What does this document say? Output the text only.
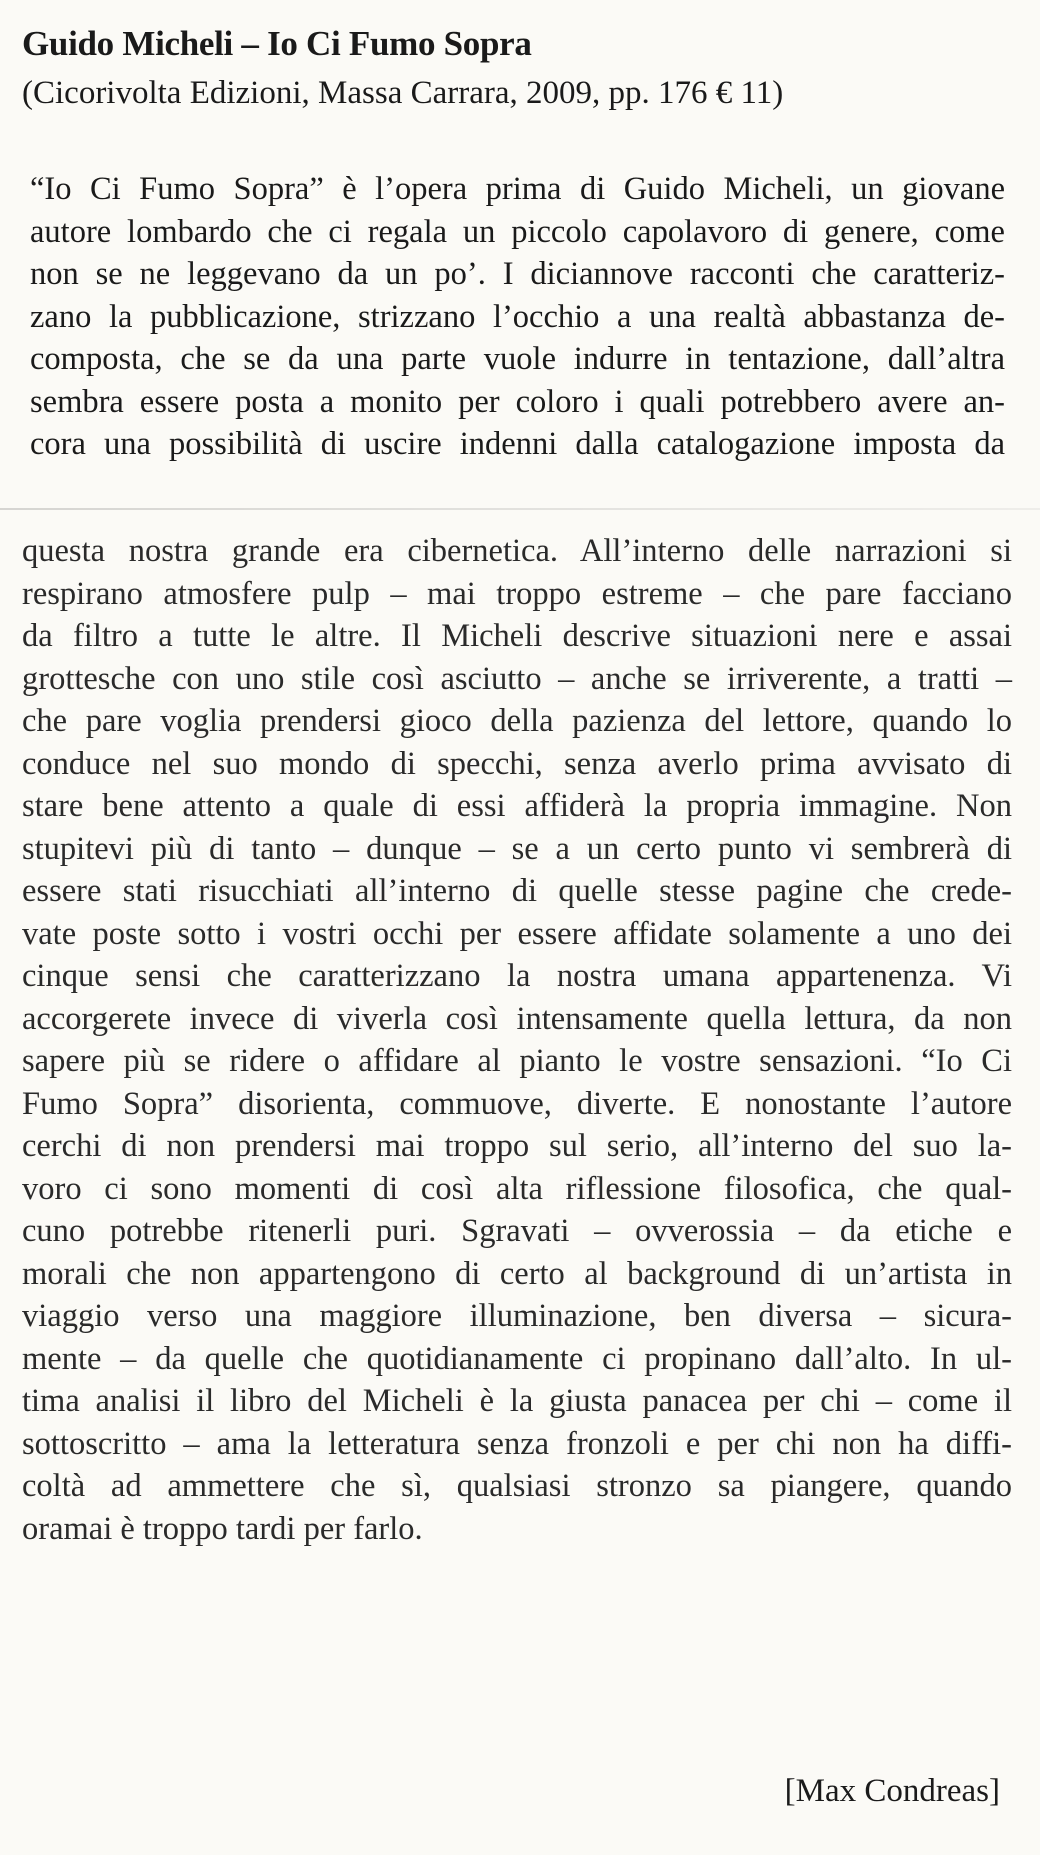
Guido Micheli – Io Ci Fumo Sopra
(Cicorivolta Edizioni, Massa Carrara, 2009, pp. 176 € 11)
“Io Ci Fumo Sopra” è l’opera prima di Guido Micheli, un giovane
autore lombardo che ci regala un piccolo capolavoro di genere, come
non se ne leggevano da un po’. I diciannove racconti che caratteriz-
zano la pubblicazione, strizzano l’occhio a una realtà abbastanza de-
composta, che se da una parte vuole indurre in tentazione, dall’altra
sembra essere posta a monito per coloro i quali potrebbero avere an-
cora una possibilità di uscire indenni dalla catalogazione imposta da
questa nostra grande era cibernetica. All’interno delle narrazioni si
respirano atmosfere pulp – mai troppo estreme – che pare facciano
da filtro a tutte le altre. Il Micheli descrive situazioni nere e assai
grottesche con uno stile così asciutto – anche se irriverente, a tratti –
che pare voglia prendersi gioco della pazienza del lettore, quando lo
conduce nel suo mondo di specchi, senza averlo prima avvisato di
stare bene attento a quale di essi affiderà la propria immagine. Non
stupitevi più di tanto – dunque – se a un certo punto vi sembrerà di
essere stati risucchiati all’interno di quelle stesse pagine che crede-
vate poste sotto i vostri occhi per essere affidate solamente a uno dei
cinque sensi che caratterizzano la nostra umana appartenenza. Vi
accorgerete invece di viverla così intensamente quella lettura, da non
sapere più se ridere o affidare al pianto le vostre sensazioni. “Io Ci
Fumo Sopra” disorienta, commuove, diverte. E nonostante l’autore
cerchi di non prendersi mai troppo sul serio, all’interno del suo la-
voro ci sono momenti di così alta riflessione filosofica, che qual-
cuno potrebbe ritenerli puri. Sgravati – ovverossia – da etiche e
morali che non appartengono di certo al background di un’artista in
viaggio verso una maggiore illuminazione, ben diversa – sicura-
mente – da quelle che quotidianamente ci propinano dall’alto. In ul-
tima analisi il libro del Micheli è la giusta panacea per chi – come il
sottoscritto – ama la letteratura senza fronzoli e per chi non ha diffi-
coltà ad ammettere che sì, qualsiasi stronzo sa piangere, quando
oramai è troppo tardi per farlo.
[Max Condreas]
